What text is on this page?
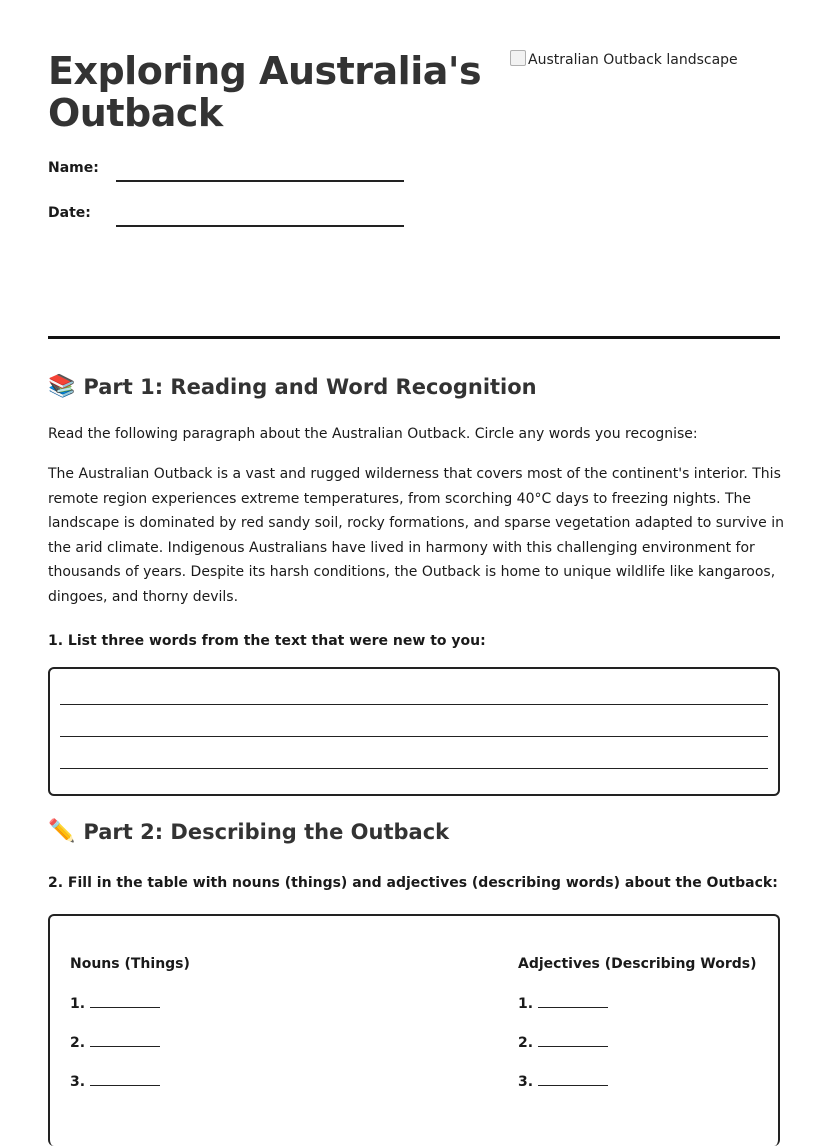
Exploring Australia's Outback
Australian Outback landscape
Name:
Date:
📚 Part 1: Reading and Word Recognition

Read the following paragraph about the Australian Outback. Circle any words you recognise:

The Australian Outback is a vast and rugged wilderness that covers most of the continent's interior. This remote region experiences extreme temperatures, from scorching 40°C days to freezing nights. The landscape is dominated by red sandy soil, rocky formations, and sparse vegetation adapted to survive in the arid climate. Indigenous Australians have lived in harmony with this challenging environment for thousands of years. Despite its harsh conditions, the Outback is home to unique wildlife like kangaroos, dingoes, and thorny devils.

1. List three words from the text that were new to you:

✏️ Part 2: Describing the Outback

2. Fill in the table with nouns (things) and adjectives (describing words) about the Outback:

Nouns (Things)	Adjectives (Describing Words)
1.
2.
3.
1.
2.
3.
